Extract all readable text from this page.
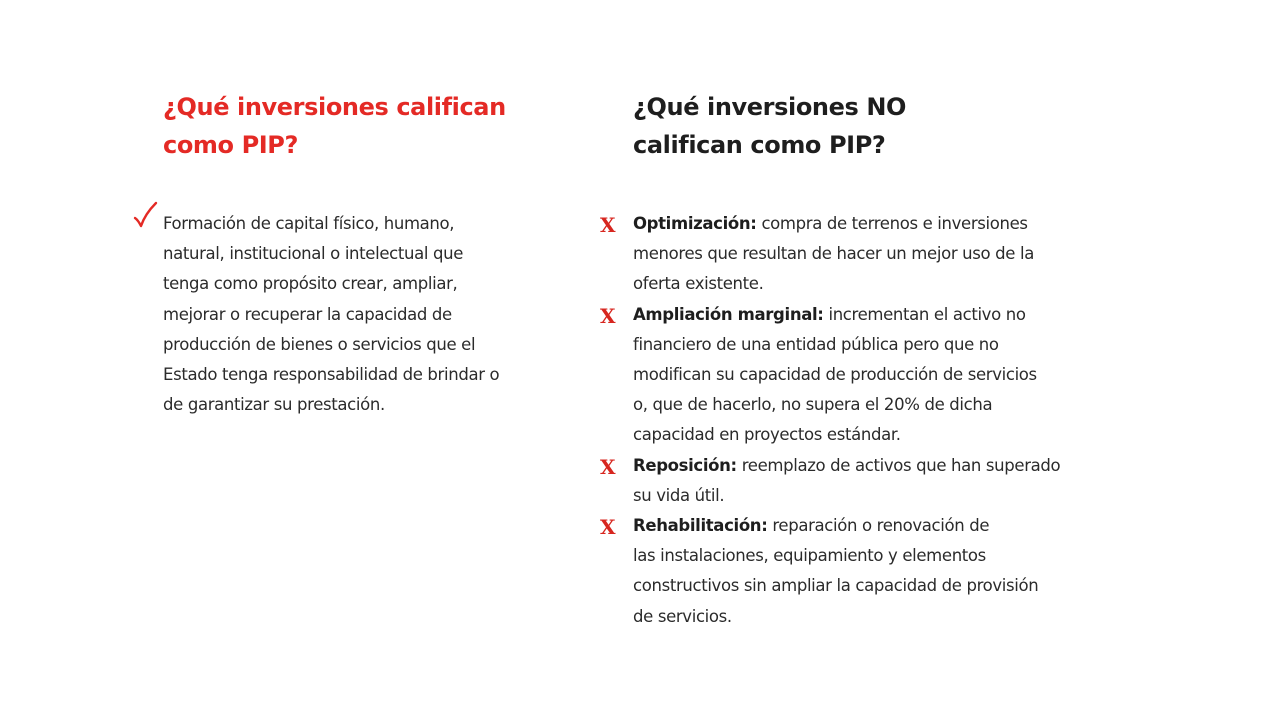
¿Qué inversiones califican
como PIP?
¿Qué inversiones NO
califican como PIP?
Formación de capital físico, humano,
natural, institucional o intelectual que
tenga como propósito crear, ampliar,
mejorar o recuperar la capacidad de
producción de bienes o servicios que el
Estado tenga responsabilidad de brindar o
de garantizar su prestación.
X Optimización: compra de terrenos e inversiones
menores que resultan de hacer un mejor uso de la
oferta existente.
X Ampliación marginal: incrementan el activo no
financiero de una entidad pública pero que no
modifican su capacidad de producción de servicios
o, que de hacerlo, no supera el 20% de dicha
capacidad en proyectos estándar.
X Reposición: reemplazo de activos que han superado
su vida útil.
X Rehabilitación: reparación o renovación de
las instalaciones, equipamiento y elementos
constructivos sin ampliar la capacidad de provisión
de servicios.
